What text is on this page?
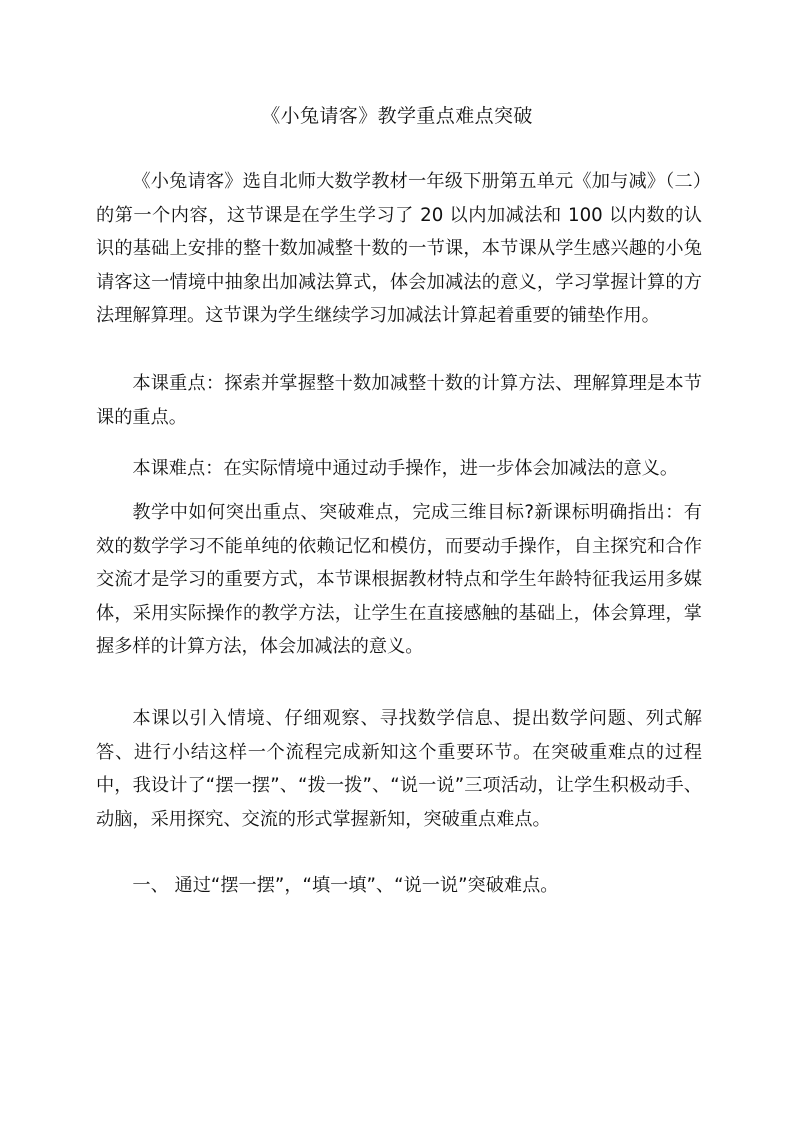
《小兔请客》教学重点难点突破
《小兔请客》选自北师大数学教材一年级下册第五单元《加与减》（二）的第一个内容，这节课是在学生学习了 20 以内加减法和 100 以内数的认识的基础上安排的整十数加减整十数的一节课，本节课从学生感兴趣的小兔请客这一情境中抽象出加减法算式，体会加减法的意义，学习掌握计算的方法理解算理。这节课为学生继续学习加减法计算起着重要的铺垫作用。
本课重点：探索并掌握整十数加减整十数的计算方法、理解算理是本节课的重点。
本课难点：在实际情境中通过动手操作，进一步体会加减法的意义。
教学中如何突出重点、突破难点，完成三维目标?新课标明确指出：有效的数学学习不能单纯的依赖记忆和模仿，而要动手操作，自主探究和合作交流才是学习的重要方式，本节课根据教材特点和学生年龄特征我运用多媒体，采用实际操作的教学方法，让学生在直接感触的基础上，体会算理，掌握多样的计算方法，体会加减法的意义。
本课以引入情境、仔细观察、寻找数学信息、提出数学问题、列式解答、进行小结这样一个流程完成新知这个重要环节。在突破重难点的过程中，我设计了“摆一摆”、“拨一拨”、“说一说”三项活动，让学生积极动手、动脑，采用探究、交流的形式掌握新知，突破重点难点。
一、 通过“摆一摆”，“填一填”、“说一说”突破难点。
